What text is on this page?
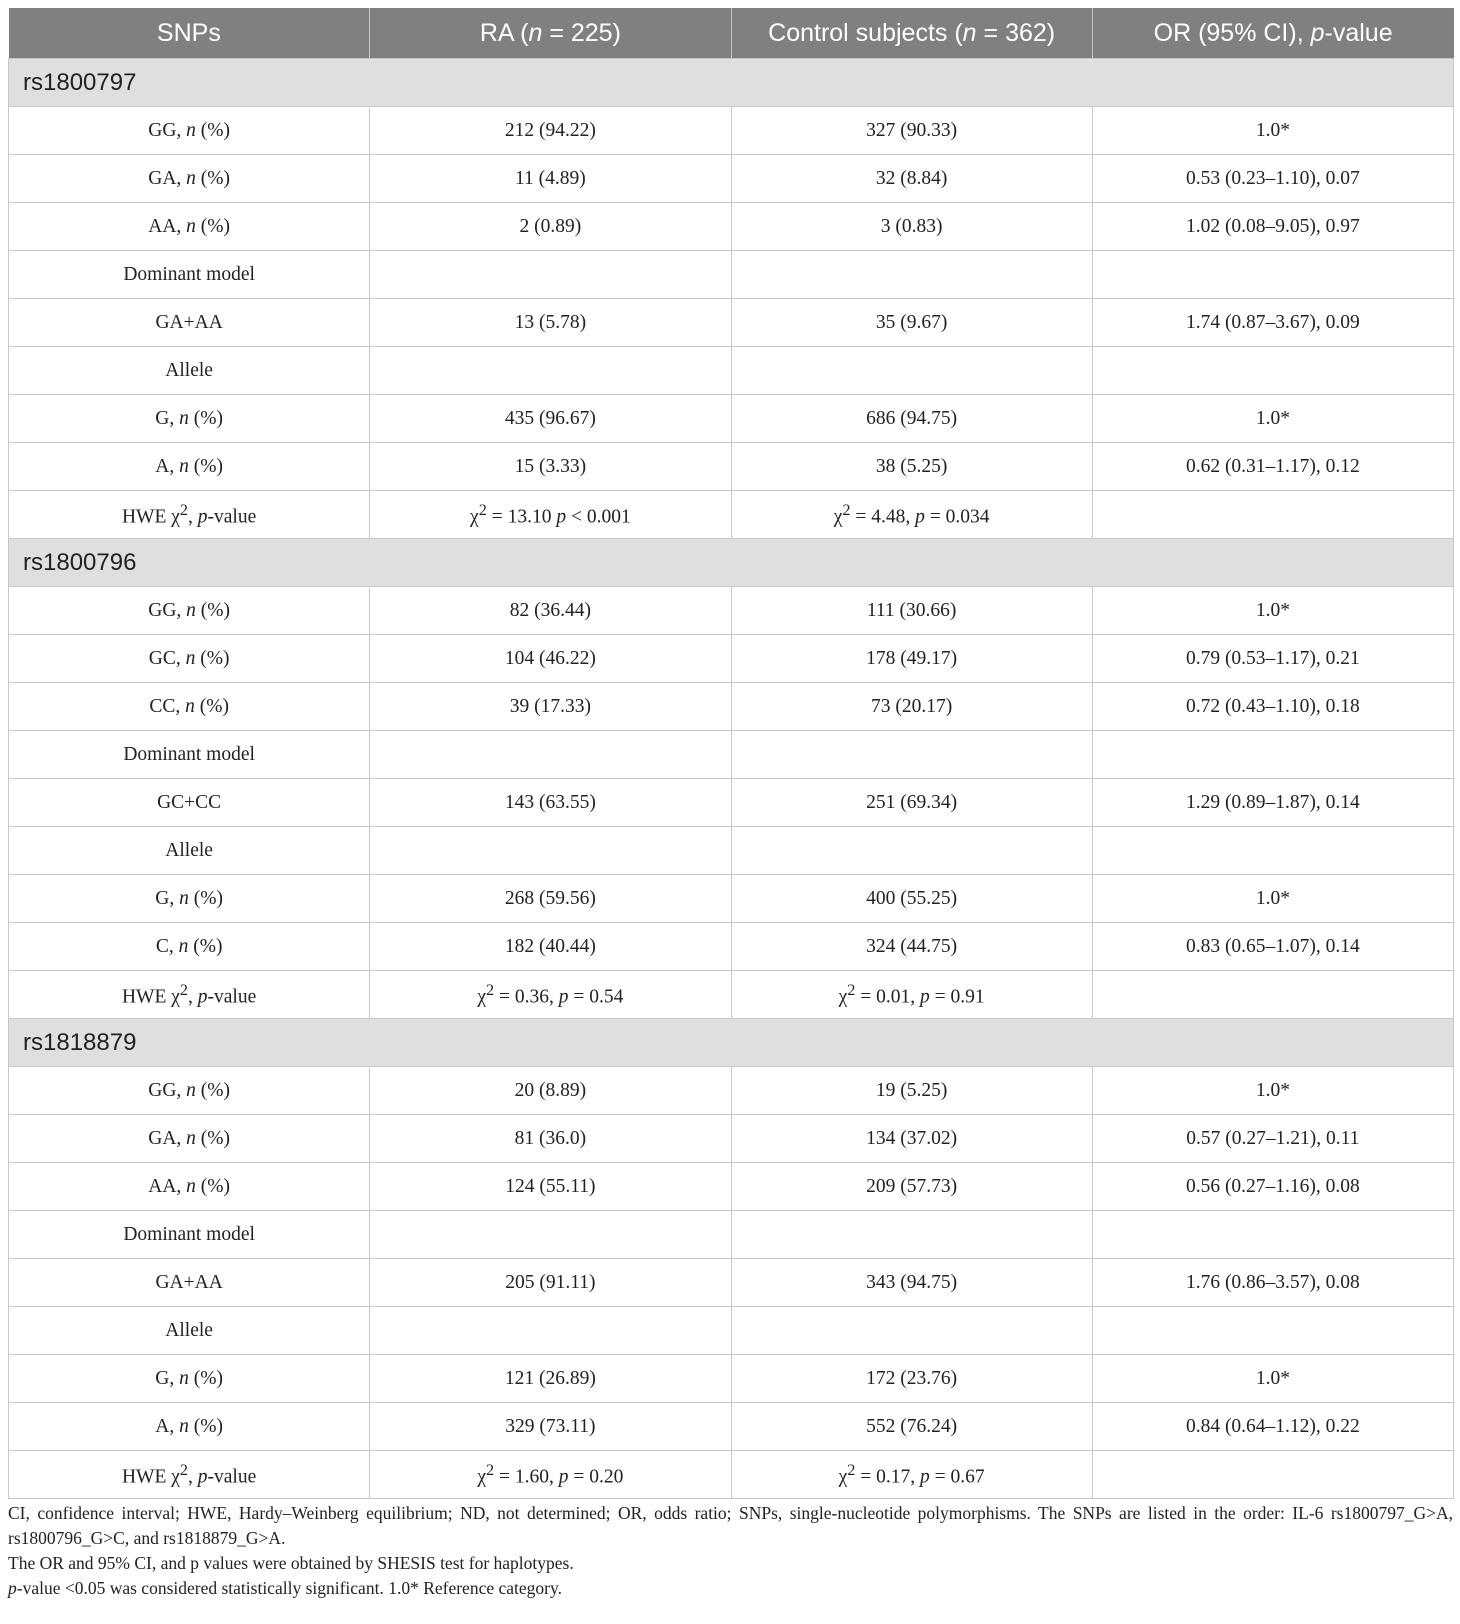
SNPs	RA (n = 225)	Control subjects (n = 362)	OR (95% CI), p-value
rs1800797			
GG, n (%)	212 (94.22)	327 (90.33)	1.0*
GA, n (%)	11 (4.89)	32 (8.84)	0.53 (0.23–1.10), 0.07
AA, n (%)	2 (0.89)	3 (0.83)	1.02 (0.08–9.05), 0.97
Dominant model			
GA+AA	13 (5.78)	35 (9.67)	1.74 (0.87–3.67), 0.09
Allele			
G, n (%)	435 (96.67)	686 (94.75)	1.0*
A, n (%)	15 (3.33)	38 (5.25)	0.62 (0.31–1.17), 0.12
HWE $\chi^2$, p-value	$\chi^2 = 13.10$ p < 0.001	$\chi^2 = 4.48$, p = 0.034	
rs1800796			
GG, n (%)	82 (36.44)	111 (30.66)	1.0*
GC, n (%)	104 (46.22)	178 (49.17)	0.79 (0.53–1.17), 0.21
CC, n (%)	39 (17.33)	73 (20.17)	0.72 (0.43–1.10), 0.18
Dominant model			
GC+CC	143 (63.55)	251 (69.34)	1.29 (0.89–1.87), 0.14
Allele			
G, n (%)	268 (59.56)	400 (55.25)	1.0*
C, n (%)	182 (40.44)	324 (44.75)	0.83 (0.65–1.07), 0.14
HWE $\chi^2$, p-value	$\chi^2 = 0.36$, p = 0.54	$\chi^2 = 0.01$, p = 0.91	
rs1818879			
GG, n (%)	20 (8.89)	19 (5.25)	1.0*
GA, n (%)	81 (36.0)	134 (37.02)	0.57 (0.27–1.21), 0.11
AA, n (%)	124 (55.11)	209 (57.73)	0.56 (0.27–1.16), 0.08
Dominant model			
GA+AA	205 (91.11)	343 (94.75)	1.76 (0.86–3.57), 0.08
Allele			
G, n (%)	121 (26.89)	172 (23.76)	1.0*
A, n (%)	329 (73.11)	552 (76.24)	0.84 (0.64–1.12), 0.22
HWE $\chi^2$, p-value	$\chi^2 = 1.60$, p = 0.20	$\chi^2 = 0.17$, p = 0.67	

CI, confidence interval; HWE, Hardy–Weinberg equilibrium; ND, not determined; OR, odds ratio; SNPs, single-nucleotide polymorphisms. The SNPs are listed in the order: IL-6 rs1800797_G>A, rs1800796_G>C, and rs1818879_G>A.

The OR and 95% CI, and p values were obtained by SHESIS test for haplotypes.

p-value <0.05 was considered statistically significant. 1.0* Reference category.
